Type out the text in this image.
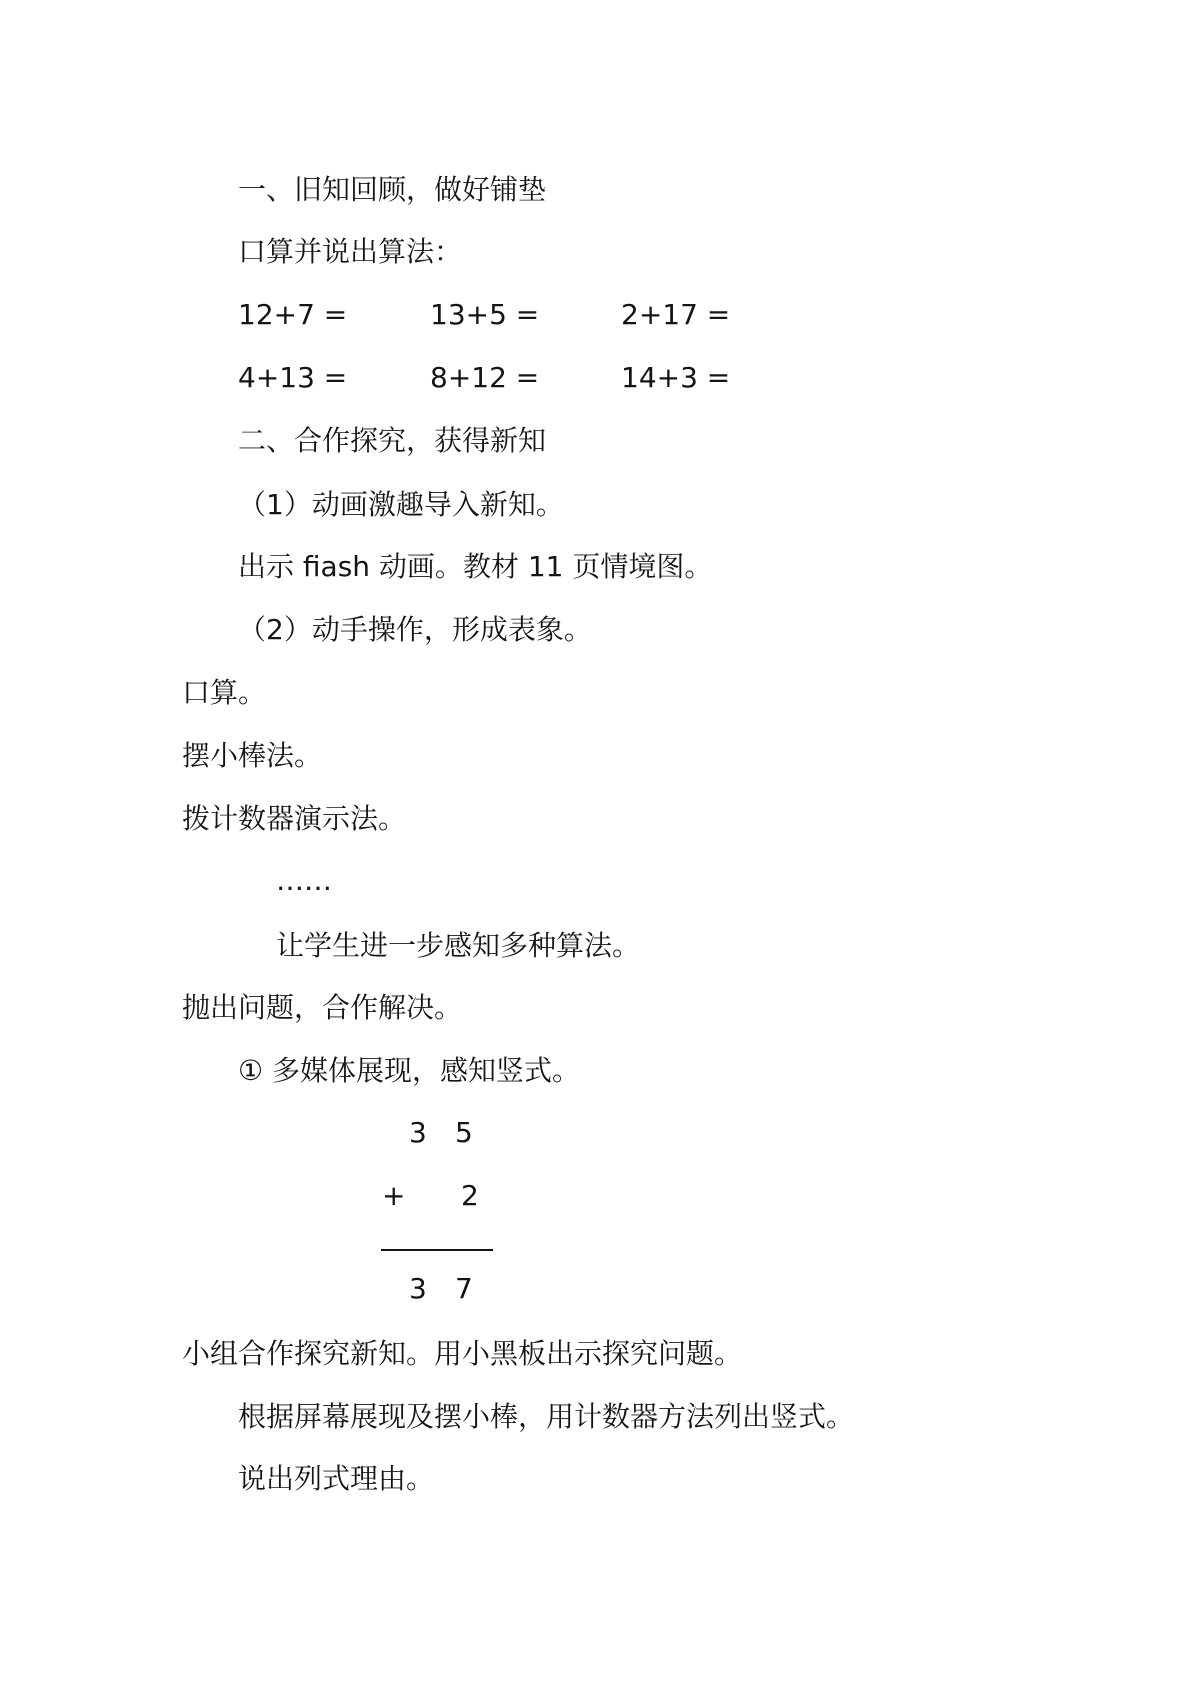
一、旧知回顾，做好铺垫
口算并说出算法：
12+7 =	13+5 =	2+17 =
4+13 =	8+12 =	14+3 =
二、合作探究，获得新知
（1）动画激趣导入新知。
出示 fiash 动画。教材 11 页情境图。
（2）动手操作，形成表象。
口算。
摆小棒法。
拨计数器演示法。
……
让学生进一步感知多种算法。
抛出问题，合作解决。
① 多媒体展现，感知竖式。
3 5
+ 2
3 7
小组合作探究新知。用小黑板出示探究问题。
根据屏幕展现及摆小棒，用计数器方法列出竖式。
说出列式理由。
